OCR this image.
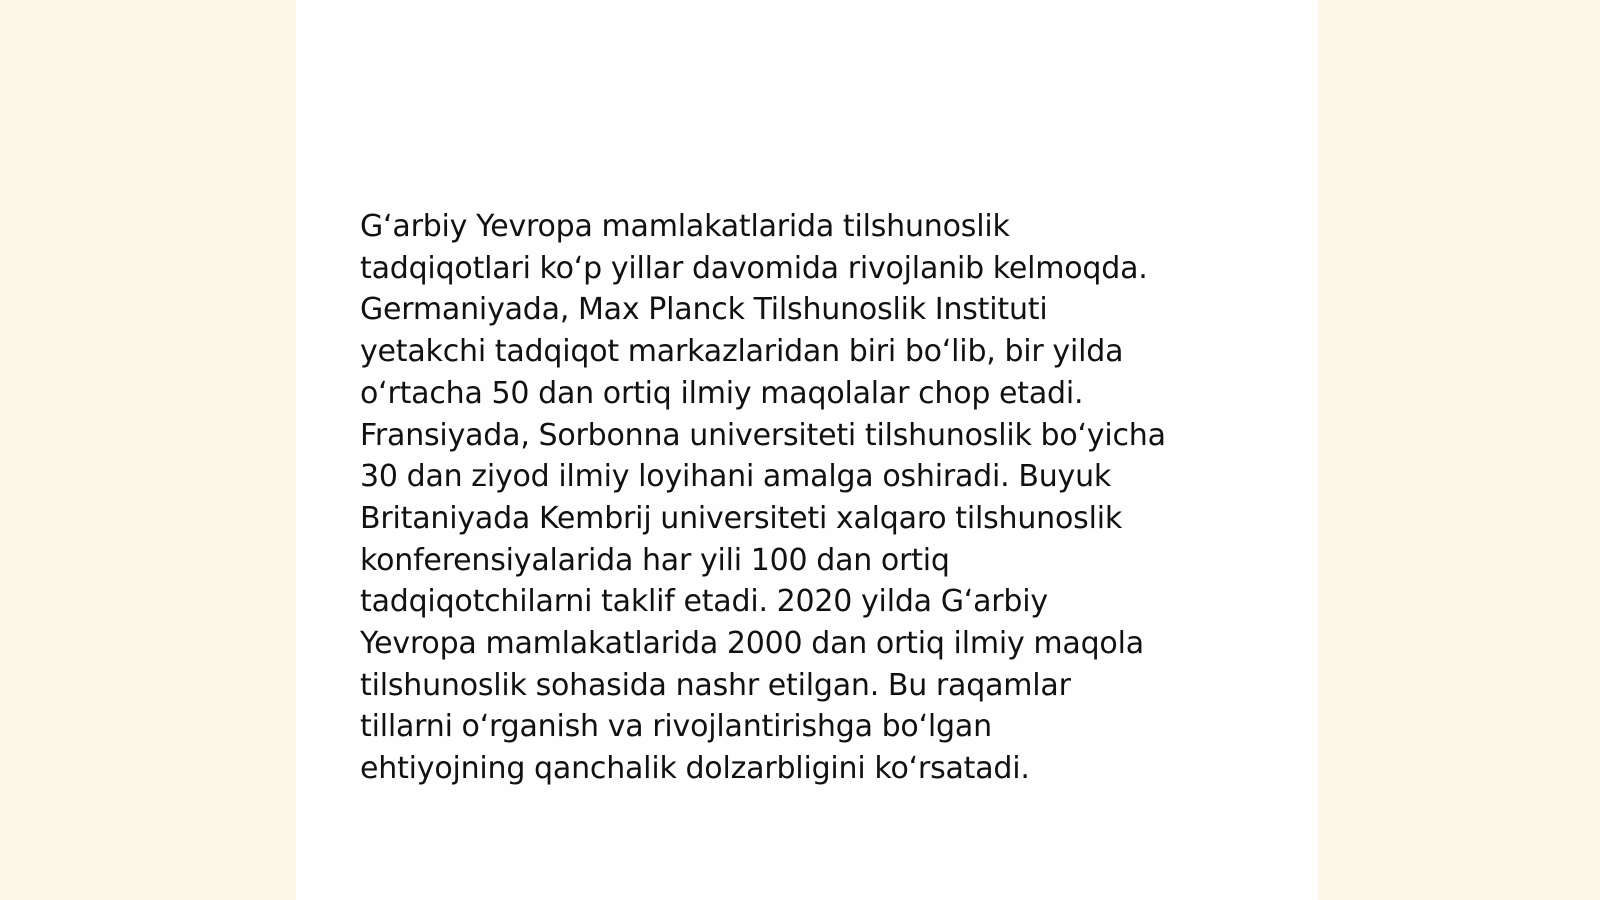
G‘arbiy Yevropa mamlakatlarida tilshunoslik
tadqiqotlari ko‘p yillar davomida rivojlanib kelmoqda.
Germaniyada, Max Planck Tilshunoslik Instituti
yetakchi tadqiqot markazlaridan biri bo‘lib, bir yilda
o‘rtacha 50 dan ortiq ilmiy maqolalar chop etadi.
Fransiyada, Sorbonna universiteti tilshunoslik bo‘yicha
30 dan ziyod ilmiy loyihani amalga oshiradi. Buyuk
Britaniyada Kembrij universiteti xalqaro tilshunoslik
konferensiyalarida har yili 100 dan ortiq
tadqiqotchilarni taklif etadi. 2020 yilda G‘arbiy
Yevropa mamlakatlarida 2000 dan ortiq ilmiy maqola
tilshunoslik sohasida nashr etilgan. Bu raqamlar
tillarni o‘rganish va rivojlantirishga bo‘lgan
ehtiyojning qanchalik dolzarbligini ko‘rsatadi.
